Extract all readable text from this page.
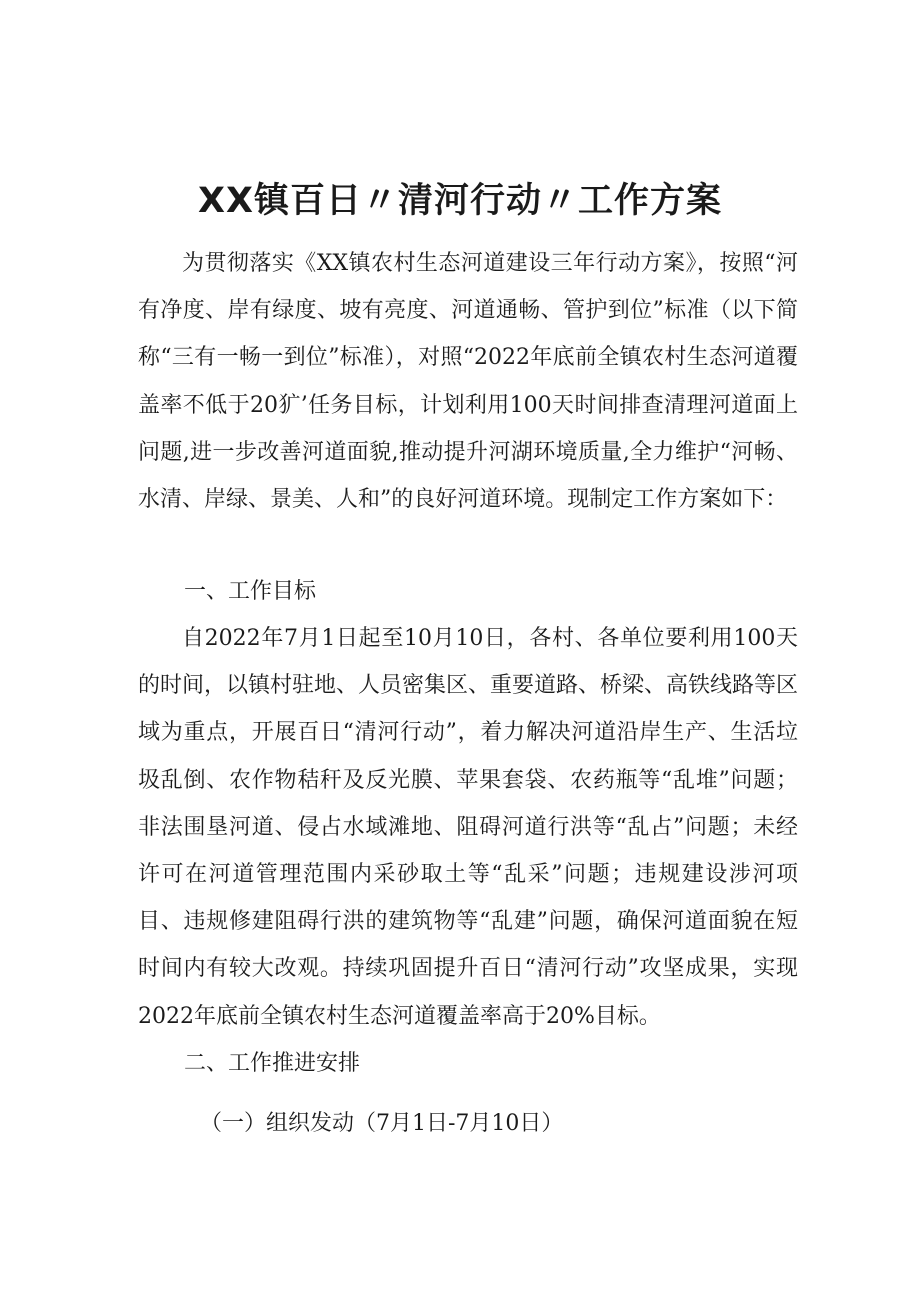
XX镇百日〃清河行动〃工作方案

为贯彻落实《XX镇农村生态河道建设三年行动方案》，按照“河有净度、岸有绿度、坡有亮度、河道通畅、管护到位”标准（以下简称“三有一畅一到位”标准），对照“2022年底前全镇农村生态河道覆盖率不低于20犷’任务目标，计划利用100天时间排查清理河道面上问题,进一步改善河道面貌,推动提升河湖环境质量,全力维护“河畅、水清、岸绿、景美、人和”的良好河道环境。现制定工作方案如下：

一、工作目标

自2022年7月1日起至10月10日，各村、各单位要利用100天的时间，以镇村驻地、人员密集区、重要道路、桥梁、高铁线路等区域为重点，开展百日“清河行动”，着力解决河道沿岸生产、生活垃圾乱倒、农作物秸秆及反光膜、苹果套袋、农药瓶等“乱堆”问题；非法围垦河道、侵占水域滩地、阻碍河道行洪等“乱占”问题；未经许可在河道管理范围内采砂取土等“乱采”问题；违规建设涉河项目、违规修建阻碍行洪的建筑物等“乱建”问题，确保河道面貌在短时间内有较大改观。持续巩固提升百日“清河行动”攻坚成果，实现2022年底前全镇农村生态河道覆盖率高于20%目标。

二、工作推进安排

（一）组织发动（7月1日-7月10日）
